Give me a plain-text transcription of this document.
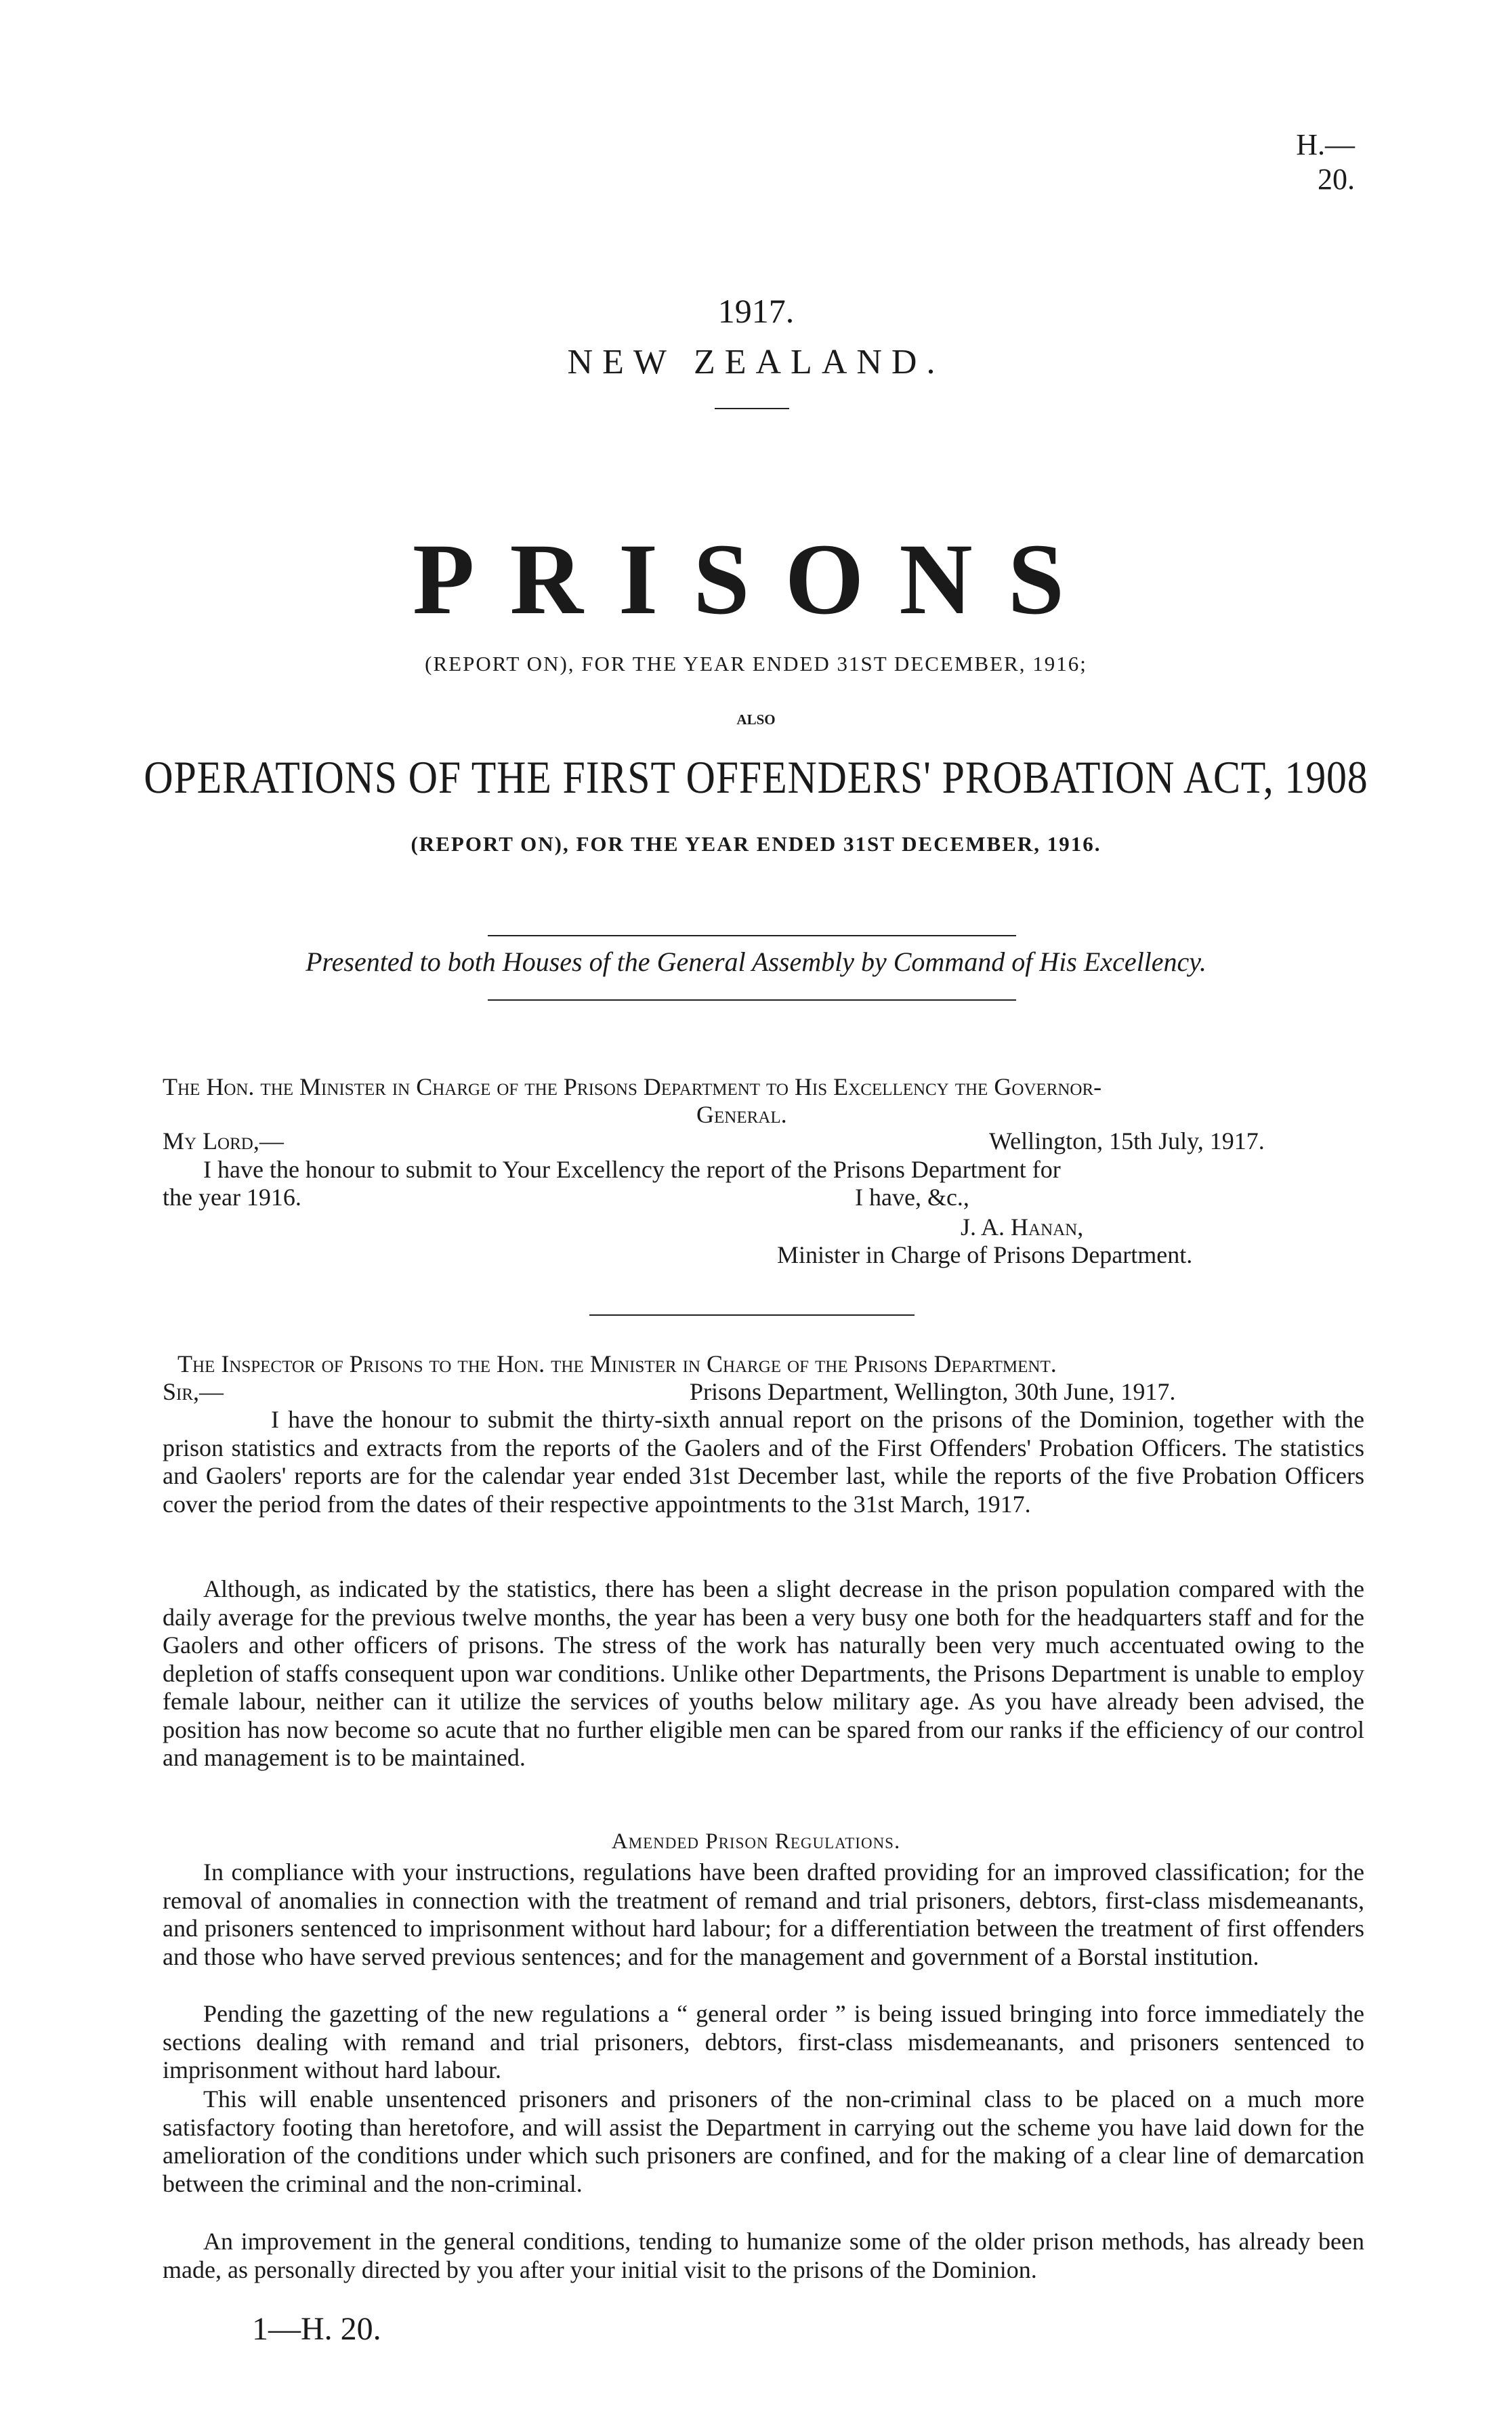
H.—20.
1917.
NEW ZEALAND.
PRISONS
(REPORT ON), FOR THE YEAR ENDED 31ST DECEMBER, 1916;
ALSO
OPERATIONS OF THE FIRST OFFENDERS' PROBATION ACT, 1908
(REPORT ON), FOR THE YEAR ENDED 31ST DECEMBER, 1916.
Presented to both Houses of the General Assembly by Command of His Excellency.
The Hon. the Minister in Charge of the Prisons Department to His Excellency the Governor-
General.
My Lord,—	Wellington, 15th July, 1917.
I have the honour to submit to Your Excellency the report of the Prisons Department for
the year 1916.	I have, &c.,
J. A. Hanan,
Minister in Charge of Prisons Department.
The Inspector of Prisons to the Hon. the Minister in Charge of the Prisons Department.
Sir,—	Prisons Department, Wellington, 30th June, 1917.
I have the honour to submit the thirty-sixth annual report on the prisons of the Dominion, together with the prison statistics and extracts from the reports of the Gaolers and of the First Offenders' Probation Officers. The statistics and Gaolers' reports are for the calendar year ended 31st December last, while the reports of the five Probation Officers cover the period from the dates of their respective appointments to the 31st March, 1917.
Although, as indicated by the statistics, there has been a slight decrease in the prison population compared with the daily average for the previous twelve months, the year has been a very busy one both for the headquarters staff and for the Gaolers and other officers of prisons. The stress of the work has naturally been very much accentuated owing to the depletion of staffs consequent upon war conditions. Unlike other Departments, the Prisons Department is unable to employ female labour, neither can it utilize the services of youths below military age. As you have already been advised, the position has now become so acute that no further eligible men can be spared from our ranks if the efficiency of our control and management is to be maintained.
Amended Prison Regulations.
In compliance with your instructions, regulations have been drafted providing for an improved classification; for the removal of anomalies in connection with the treatment of remand and trial prisoners, debtors, first-class misdemeanants, and prisoners sentenced to imprisonment without hard labour; for a differentiation between the treatment of first offenders and those who have served previous sentences; and for the management and government of a Borstal institution.
Pending the gazetting of the new regulations a “ general order ” is being issued bringing into force immediately the sections dealing with remand and trial prisoners, debtors, first-class misdemeanants, and prisoners sentenced to imprisonment without hard labour.
This will enable unsentenced prisoners and prisoners of the non-criminal class to be placed on a much more satisfactory footing than heretofore, and will assist the Department in carrying out the scheme you have laid down for the amelioration of the conditions under which such prisoners are confined, and for the making of a clear line of demarcation between the criminal and the non-criminal.
An improvement in the general conditions, tending to humanize some of the older prison methods, has already been made, as personally directed by you after your initial visit to the prisons of the Dominion.
1—H. 20.
